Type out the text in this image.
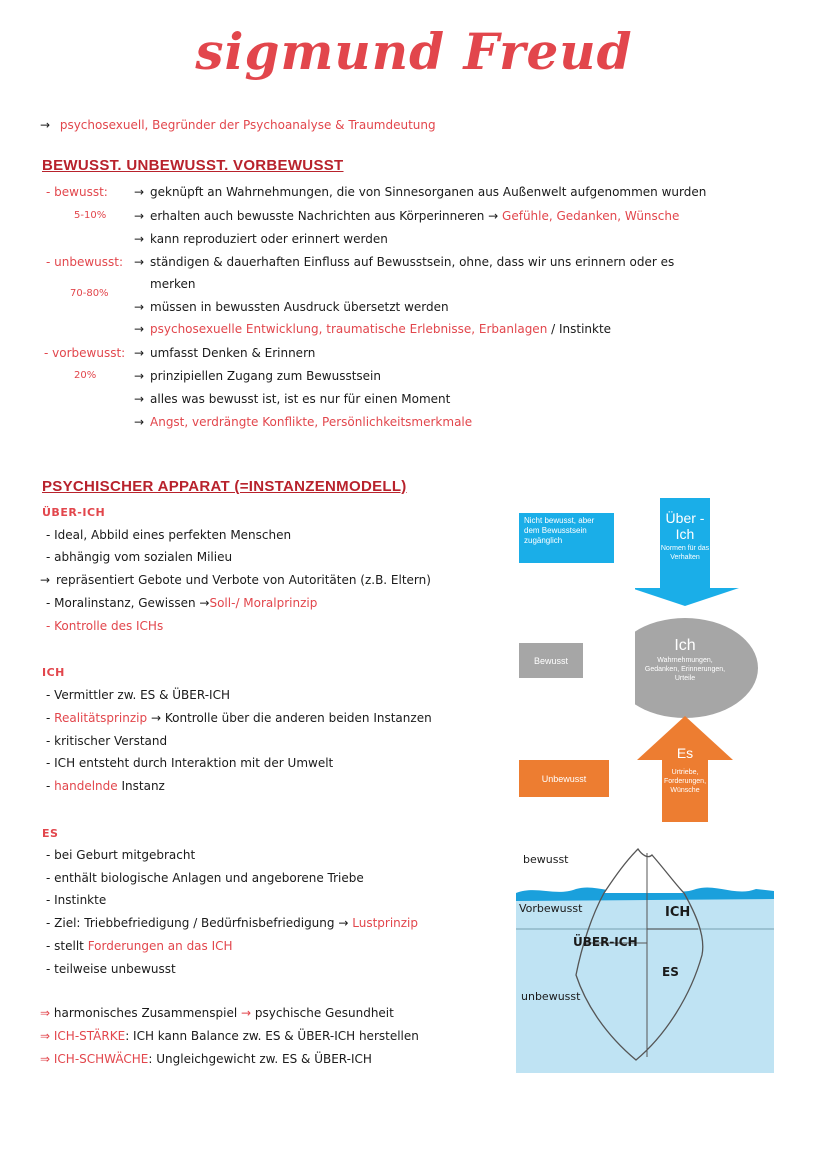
sigmund Freud
→ psychosexuell, Begründer der Psychoanalyse & Traumdeutung
BEWUSST. UNBEWUSST. VORBEWUSST
- bewusst:
5-10%
→ geknüpft an Wahrnehmungen, die von Sinnesorganen aus Außenwelt aufgenommen wurden
→ erhalten auch bewusste Nachrichten aus Körperinneren → Gefühle, Gedanken, Wünsche
→ kann reproduziert oder erinnert werden
- unbewusst:
70-80%
→ ständigen & dauerhaften Einfluss auf Bewusstsein, ohne, dass wir uns erinnern oder es
merken
→ müssen in bewussten Ausdruck übersetzt werden
→ psychosexuelle Entwicklung, traumatische Erlebnisse, Erbanlagen / Instinkte
- vorbewusst:
20%
→ umfasst Denken & Erinnern
→ prinzipiellen Zugang zum Bewusstsein
→ alles was bewusst ist, ist es nur für einen Moment
→ Angst, verdrängte Konflikte, Persönlichkeitsmerkmale
PSYCHISCHER APPARAT (=INSTANZENMODELL)
ÜBER-ICH
- Ideal, Abbild eines perfekten Menschen
- abhängig vom sozialen Milieu
→ repräsentiert Gebote und Verbote von Autoritäten (z.B. Eltern)
- Moralinstanz, Gewissen →Soll-/ Moralprinzip
- Kontrolle des ICHs
ICH
- Vermittler zw. ES & ÜBER-ICH
- Realitätsprinzip → Kontrolle über die anderen beiden Instanzen
- kritischer Verstand
- ICH entsteht durch Interaktion mit der Umwelt
- handelnde Instanz
ES
- bei Geburt mitgebracht
- enthält biologische Anlagen und angeborene Triebe
- Instinkte
- Ziel: Triebbefriedigung / Bedürfnisbefriedigung → Lustprinzip
- stellt Forderungen an das ICH
- teilweise unbewusst
⇒ harmonisches Zusammenspiel → psychische Gesundheit
⇒ ICH-STÄRKE: ICH kann Balance zw. ES & ÜBER-ICH herstellen
⇒ ICH-SCHWÄCHE: Ungleichgewicht zw. ES & ÜBER-ICH
Nicht bewusst, aber dem Bewusstsein zugänglich
Bewusst
Unbewusst
Über -Ich
Normen für das Verhalten
Ich
Wahrnehmungen, Gedanken, Erinnerungen, Urteile
Es
Urtriebe, Forderungen, Wünsche
bewusst
Vorbewusst
unbewusst
ICH
ÜBER-ICH
ES
